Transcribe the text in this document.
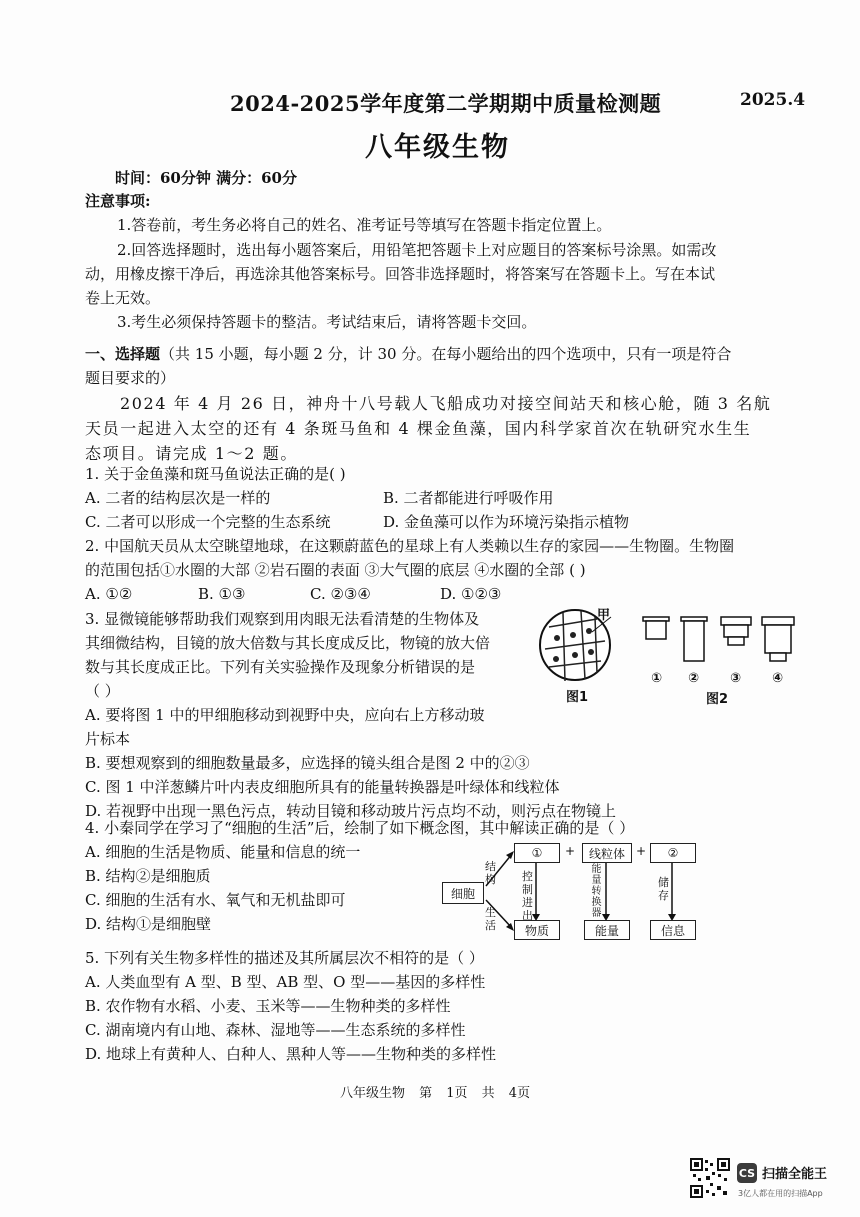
2024-2025学年度第二学期期中质量检测题	2025.4
八年级生物
时间：60分钟 满分：60分
注意事项:
1.答卷前，考生务必将自己的姓名、准考证号等填写在答题卡指定位置上。
2.回答选择题时，选出每小题答案后，用铅笔把答题卡上对应题目的答案标号涂黑。如需改
动，用橡皮擦干净后，再选涂其他答案标号。回答非选择题时，将答案写在答题卡上。写在本试
卷上无效。
3.考生必须保持答题卡的整洁。考试结束后，请将答题卡交回。
一、选择题（共 15 小题，每小题 2 分，计 30 分。在每小题给出的四个选项中，只有一项是符合
题目要求的）
2024 年 4 月 26 日，神舟十八号载人飞船成功对接空间站天和核心舱，随 3 名航
天员一起进入太空的还有 4 条斑马鱼和 4 棵金鱼藻，国内科学家首次在轨研究水生生
态项目。请完成 1～2 题。
1. 关于金鱼藻和斑马鱼说法正确的是( )
A. 二者的结构层次是一样的	B. 二者都能进行呼吸作用
C. 二者可以形成一个完整的生态系统	D. 金鱼藻可以作为环境污染指示植物
2. 中国航天员从太空眺望地球，在这颗蔚蓝色的星球上有人类赖以生存的家园——生物圈。生物圈
的范围包括①水圈的大部 ②岩石圈的表面 ③大气圈的底层 ④水圈的全部 ( )
A. ①②	B. ①③	C. ②③④	D. ①②③
3. 显微镜能够帮助我们观察到用肉眼无法看清楚的生物体及
其细微结构，目镜的放大倍数与其长度成反比，物镜的放大倍
数与其长度成正比。下列有关实验操作及现象分析错误的是
（ ）
A. 要将图 1 中的甲细胞移动到视野中央，应向右上方移动玻
片标本
B. 要想观察到的细胞数量最多，应选择的镜头组合是图 2 中的②③
C. 图 1 中洋葱鳞片叶内表皮细胞所具有的能量转换器是叶绿体和线粒体
D. 若视野中出现一黑色污点，转动目镜和移动玻片污点均不动，则污点在物镜上
甲
图1
① ② ③ ④
图2
4. 小秦同学在学习了“细胞的生活”后，绘制了如下概念图，其中解读正确的是（ ）
A. 细胞的生活是物质、能量和信息的统一
B. 结构②是细胞质
C. 细胞的生活有水、氧气和无机盐即可
D. 结构①是细胞壁
细胞
①	+	线粒体 +	②
物质	能量	信息
结构
生活
控制进出
能量转换器
储存
5. 下列有关生物多样性的描述及其所属层次不相符的是（ ）
A. 人类血型有 A 型、B 型、AB 型、O 型——基因的多样性
B. 农作物有水稻、小麦、玉米等——生物种类的多样性
C. 湖南境内有山地、森林、湿地等——生态系统的多样性
D. 地球上有黄种人、白种人、黑种人等——生物种类的多样性
八年级生物 第 1页 共 4页
CS 扫描全能王
3亿人都在用的扫描App
